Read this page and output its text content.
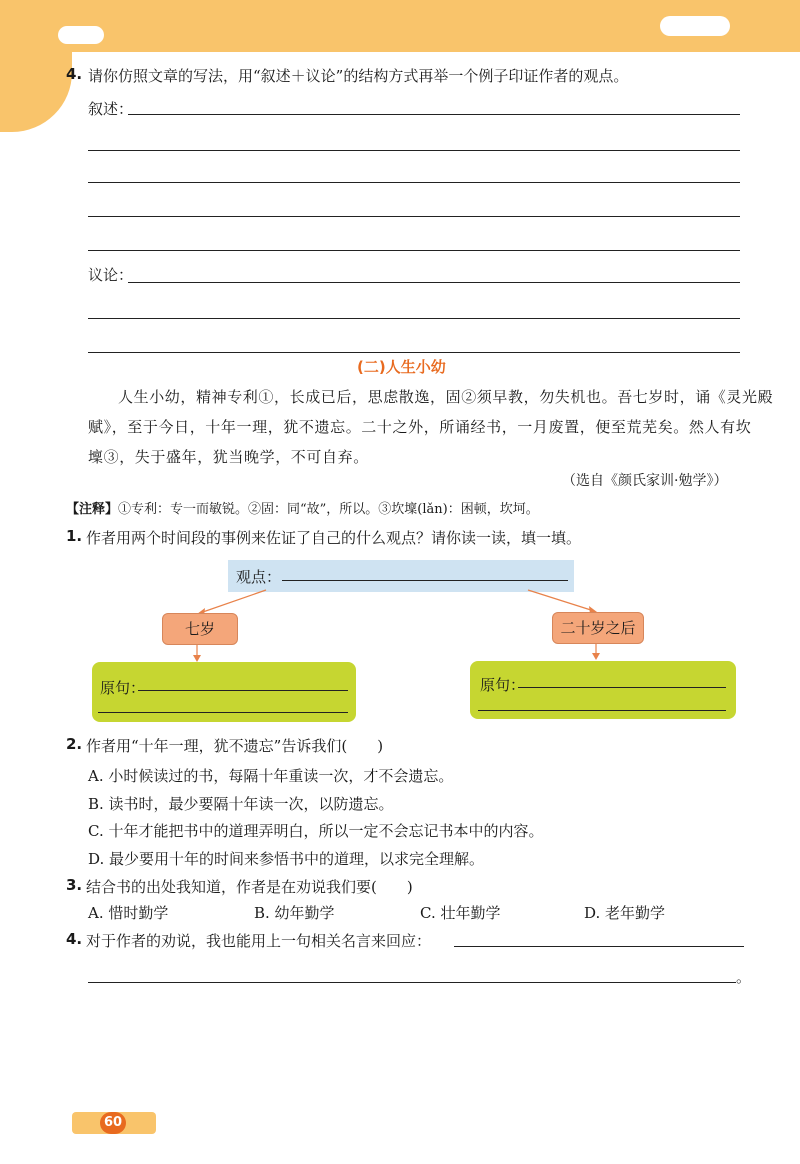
4. 请你仿照文章的写法，用“叙述＋议论”的结构方式再举一个例子印证作者的观点。
叙述：
议论：
(二)人生小幼
人生小幼，精神专利①，长成已后，思虑散逸，固②须早教，勿失机也。吾七岁时，诵《灵光殿
赋》，至于今日，十年一理，犹不遗忘。二十之外，所诵经书，一月废置，便至荒芜矣。然人有坎
壈③，失于盛年，犹当晚学，不可自弃。
（选自《颜氏家训·勉学》）
【注释】①专利：专一而敏锐。②固：同“故”，所以。③坎壈(lǎn)：困顿，坎坷。
1. 作者用两个时间段的事例来佐证了自己的什么观点？请你读一读，填一填。
观点：
七岁	二十岁之后
原句：	原句：
2. 作者用“十年一理，犹不遗忘”告诉我们(　　)
A. 小时候读过的书，每隔十年重读一次，才不会遗忘。
B. 读书时，最少要隔十年读一次，以防遗忘。
C. 十年才能把书中的道理弄明白，所以一定不会忘记书本中的内容。
D. 最少要用十年的时间来参悟书中的道理，以求完全理解。
3. 结合书的出处我知道，作者是在劝说我们要(　　)
A. 惜时勤学	B. 幼年勤学	C. 壮年勤学	D. 老年勤学
4. 对于作者的劝说，我也能用上一句相关名言来回应：
。
60
